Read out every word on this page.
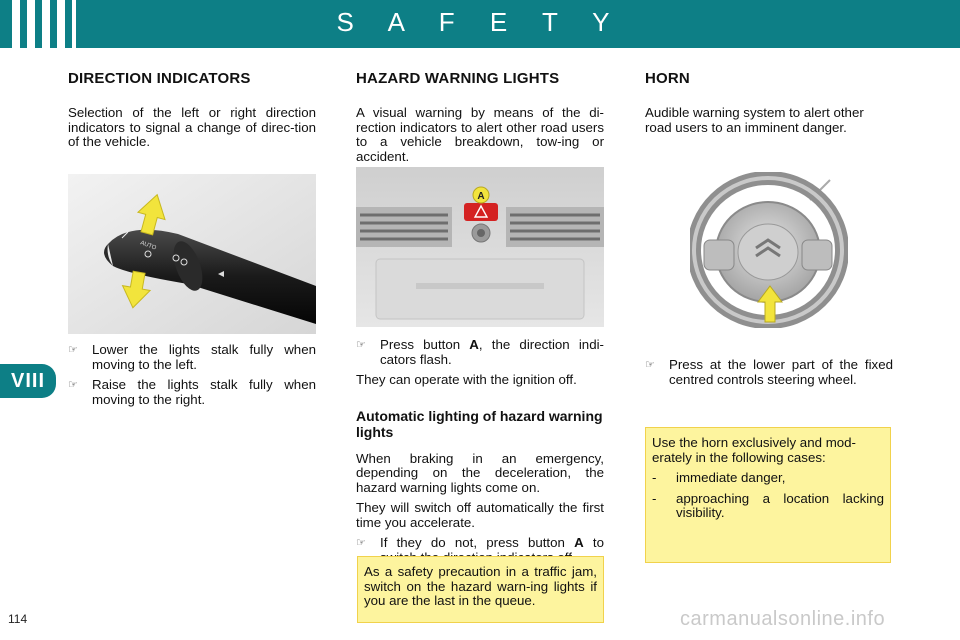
S A F E T Y
VIII
DIRECTION INDICATORS

Selection of the left or right direction indicators to signal a change of direc-tion of the vehicle.

AUTO
☞	Lower the lights stalk fully when moving to the left.
☞	Raise the lights stalk fully when moving to the right.
HAZARD WARNING LIGHTS

A visual warning by means of the di-rection indicators to alert other road users to a vehicle breakdown, tow-ing or accident.

A
☞	Press button A, the direction indi-cators flash.

They can operate with the ignition off.

Automatic lighting of hazard warning lights

When braking in an emergency, depending on the deceleration, the hazard warning lights come on.

They will switch off automatically the first time you accelerate.

☞	If they do not, press button A to

As a safety precaution in a traffic jam, switch on the hazard warn-ing lights if you are the last in the queue.

HORN

Audible warning system to alert other road users to an imminent danger.

☞	Press at the lower part of the fixed centred controls steering wheel.

Use the horn exclusively and mod-erately in the following cases:

-	immediate danger,
-	approaching a location lacking visibility.
114	carmanualsonline.info
